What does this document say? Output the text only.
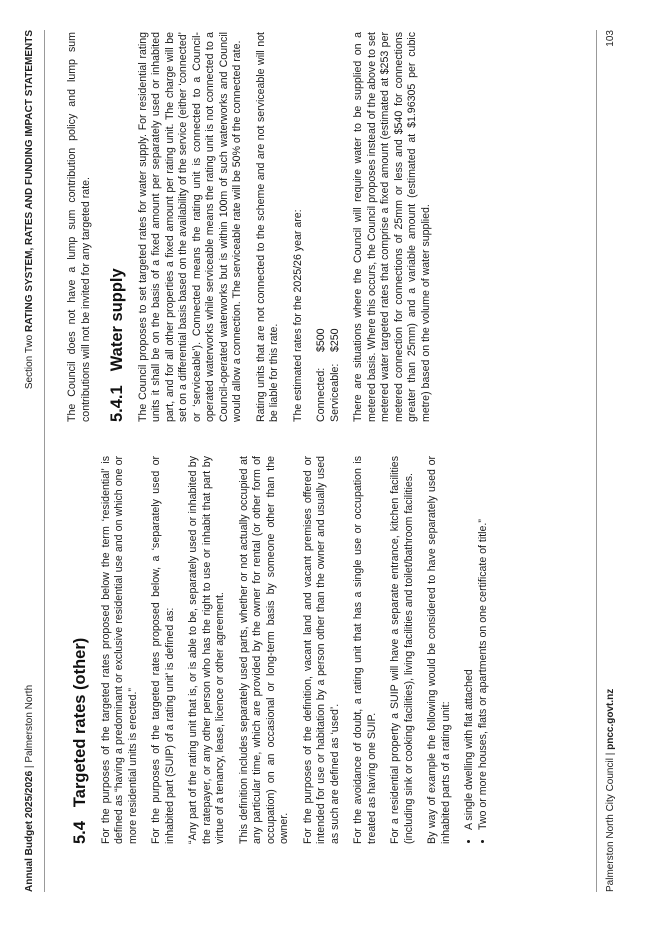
Annual Budget 2025/2026 | Palmerston North
Section Two RATING SYSTEM, RATES AND FUNDING IMPACT STATEMENTS
5.4
Targeted rates (other) For the purposes of the targeted rates proposed below the term ‘residential’ is defined as “having a predominant or exclusive residential use and on which one or more residential units is erected.” For the purposes of the targeted rates proposed below, a ‘separately used or inhabited part (SUIP) of a rating unit’ is defined as: “Any part of the rating unit that is, or is able to be, separately used or inhabited by the ratepayer, or any other person who has the right to use or inhabit that part by virtue of a tenancy, lease, licence or other agreement. This definition includes separately used parts, whether or not actually occupied at any particular time, which are provided by the owner for rental (or other form of occupation) on an occasional or long-term basis by someone other than the owner. For the purposes of the definition, vacant land and vacant premises offered or intended for use or habitation by a person other than the owner and usually used as such are defined as ‘used’. For the avoidance of doubt, a rating unit that has a single use or occupation is treated as having one SUIP. For a residential property a SUIP will have a separate entrance, kitchen facilities (including sink or cooking facilities), living facilities and toilet/bathroom facilities. By way of example the following would be considered to have separately used or inhabited parts of a rating unit: • A single dwelling with flat attached • Two or more houses, flats or apartments on one certificate of title.”

The Council does not have a lump sum contribution policy and lump sum contributions will not be invited for any targeted rate. 5.4.1
Water supply The Council proposes to set targeted rates for water supply. For residential rating units it shall be on the basis of a fixed amount per separately used or inhabited part, and for all other properties a fixed amount per rating unit. The charge will be set on a differential basis based on the availability of the service (either ‘connected’ or ‘serviceable’). Connected means the rating unit is connected to a Council-operated waterworks while serviceable means the rating unit is not connected to a Council-operated waterworks but is within 100m of such waterworks and Council would allow a connection. The serviceable rate will be 50% of the connected rate. Rating units that are not connected to the scheme and are not serviceable will not be liable for this rate. The estimated rates for the 2025/26 year are: Connected:	$500
Serviceable:	$250 There are situations where the Council will require water to be supplied on a metered basis. Where this occurs, the Council proposes instead of the above to set metered water targeted rates that comprise a fixed amount (estimated at $253 per metered connection for connections of 25mm or less and $540 for connections greater than 25mm) and a variable amount (estimated at $1.96305 per cubic metre) based on the volume of water supplied.

Palmerston North City Council | pncc.govt.nz
103
